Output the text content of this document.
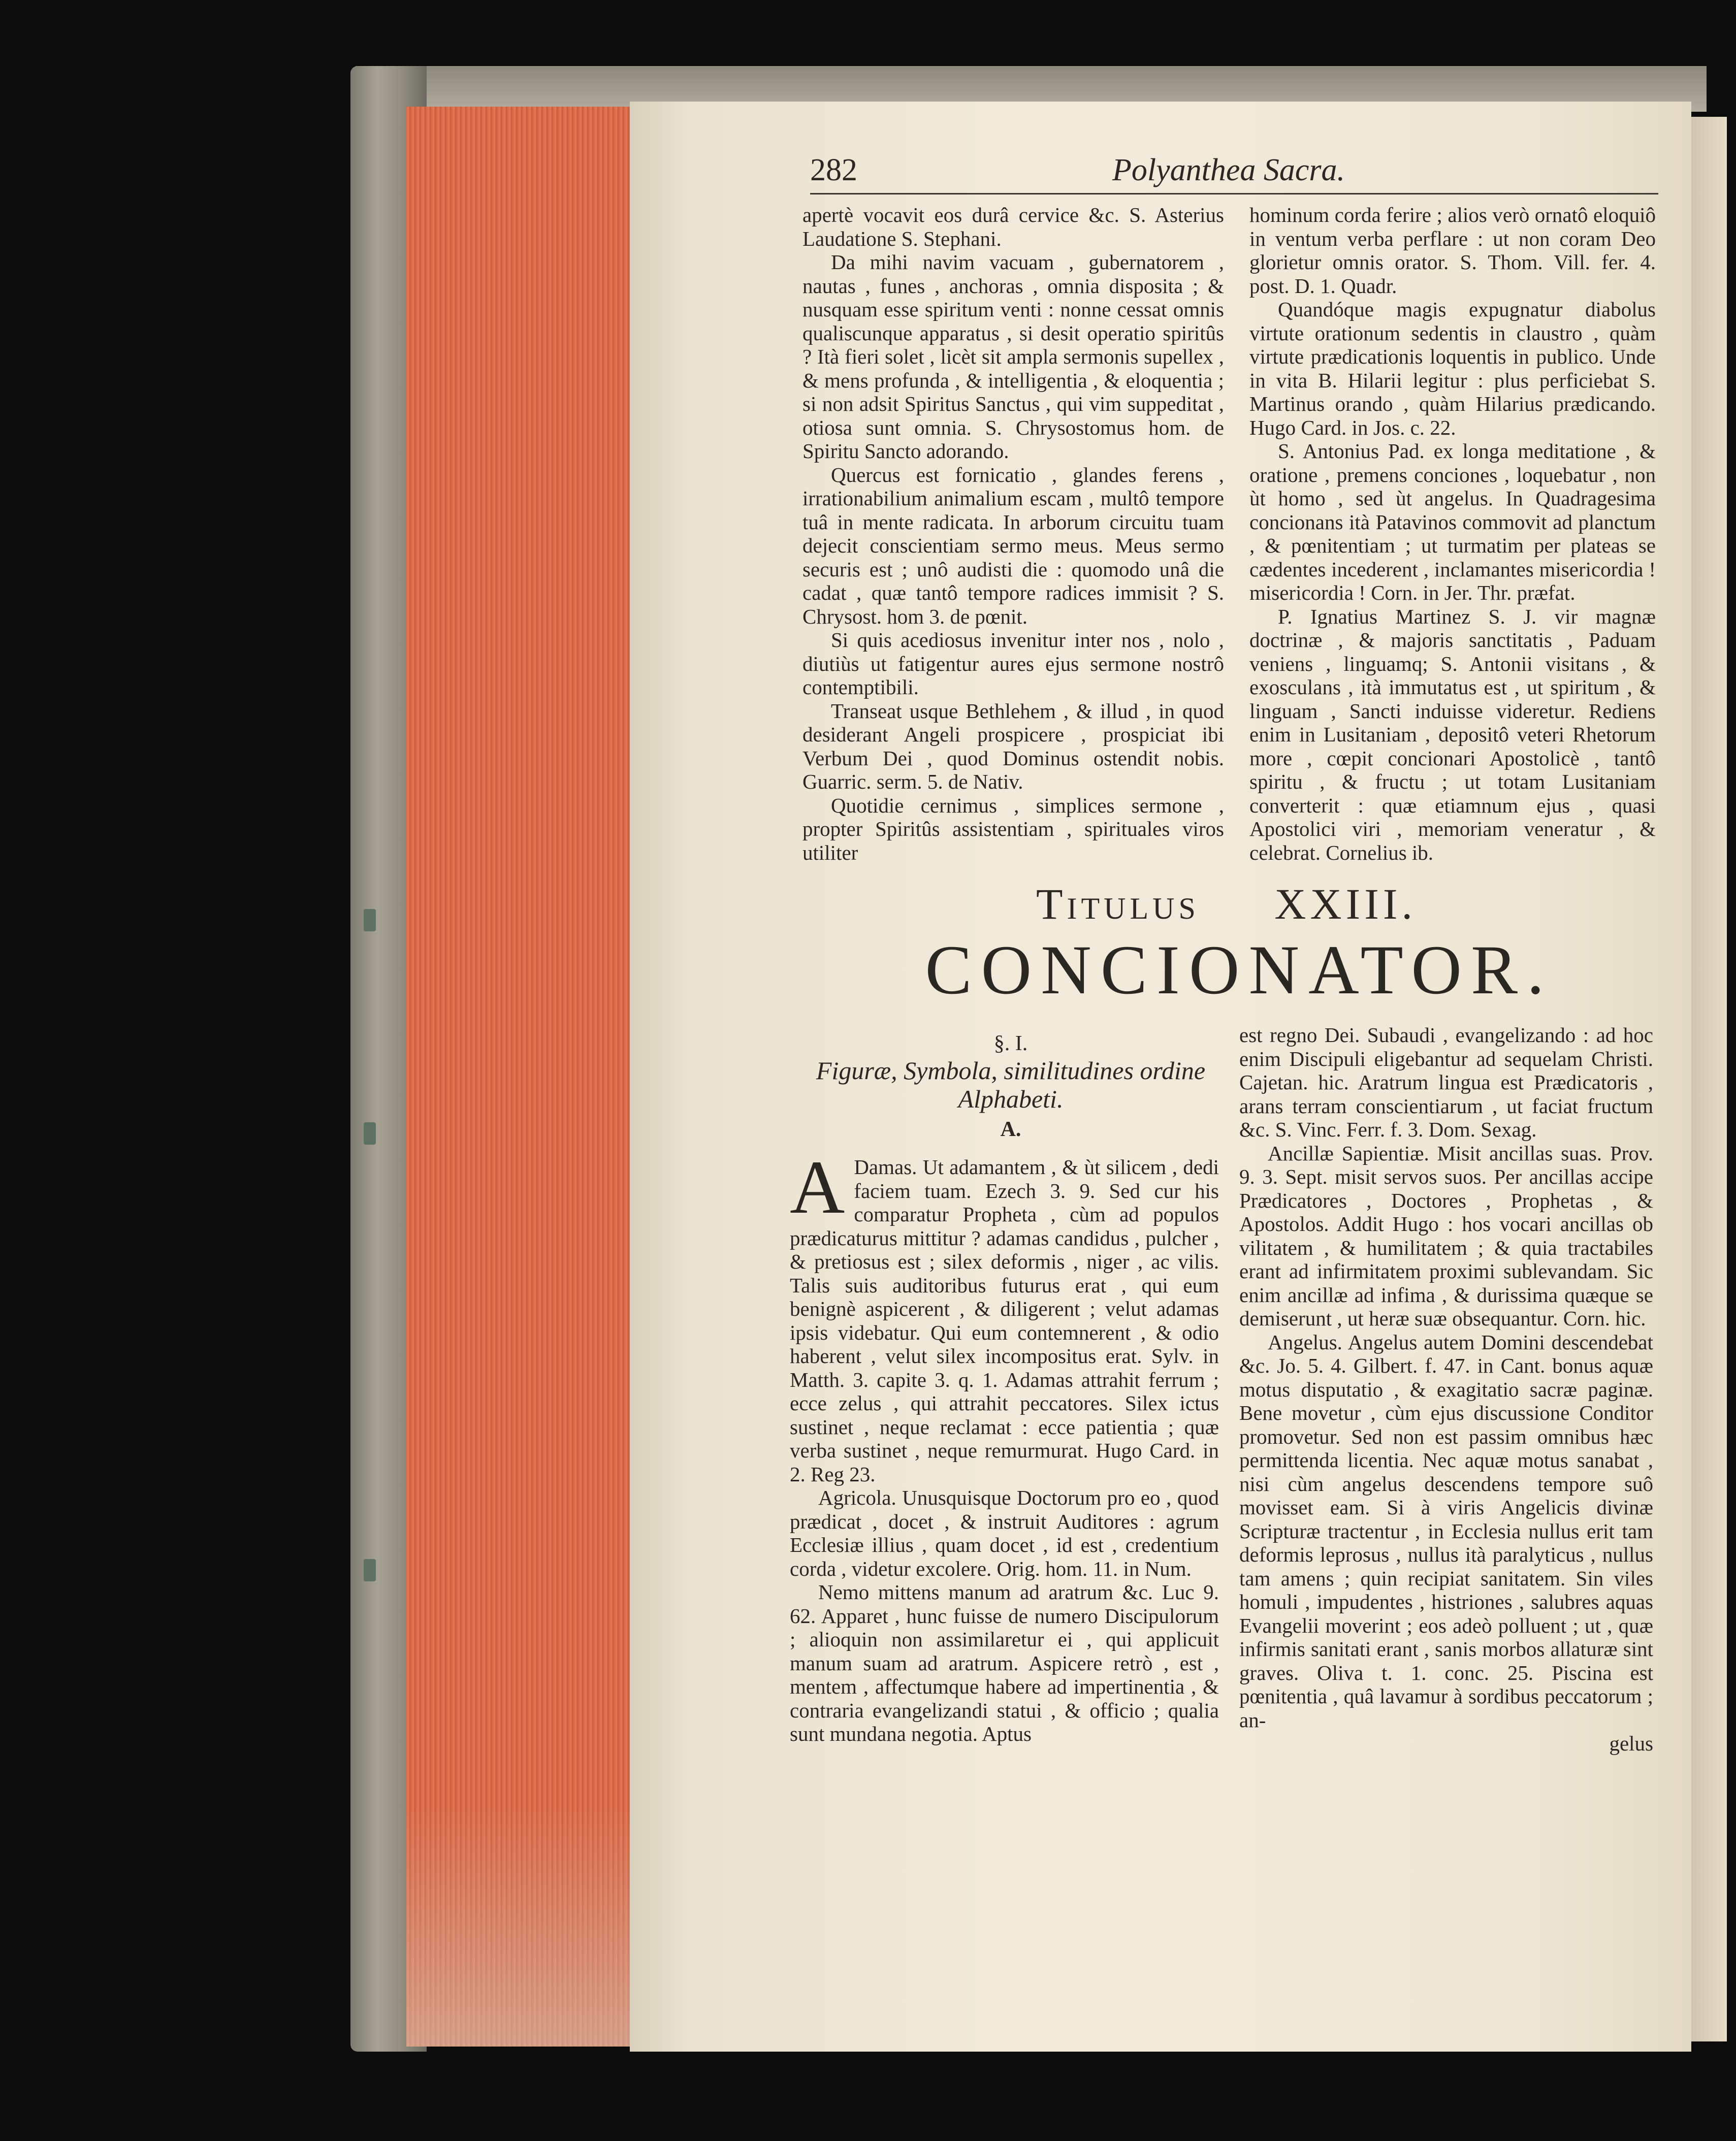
282	Polyanthea Sacra.

apertè vocavit eos durâ cervice &c. S. Asterius Laudatione S. Stephani.

Da mihi navim vacuam , gubernatorem , nautas , funes , anchoras , omnia disposita ; & nusquam esse spiritum venti : nonne cessat omnis qualiscunque apparatus , si desit operatio spiritûs ? Ità fieri solet , licèt sit ampla sermonis supellex , & mens profunda , & intelligentia , & eloquentia ; si non adsit Spiritus Sanctus , qui vim suppeditat , otiosa sunt omnia. S. Chrysostomus hom. de Spiritu Sancto adorando.

Quercus est fornicatio , glandes ferens , irrationabilium animalium escam , multô tempore tuâ in mente radicata. In arborum circuitu tuam dejecit conscientiam sermo meus. Meus sermo securis est ; unô audisti die : quomodo unâ die cadat , quæ tantô tempore radices immisit ? S. Chrysost. hom 3. de pœnit.

Si quis acediosus invenitur inter nos , nolo , diutiùs ut fatigentur aures ejus sermone nostrô contemptibili.

Transeat usque Bethlehem , & illud , in quod desiderant Angeli prospicere , prospiciat ibi Verbum Dei , quod Dominus ostendit nobis. Guarric. serm. 5. de Nativ.

Quotidie cernimus , simplices sermone , propter Spiritûs assistentiam , spirituales viros utiliter

hominum corda ferire ; alios verò ornatô eloquiô in ventum verba perflare : ut non coram Deo glorietur omnis orator. S. Thom. Vill. fer. 4. post. D. 1. Quadr.

Quandóque magis expugnatur diabolus virtute orationum sedentis in claustro , quàm virtute prædicationis loquentis in publico. Unde in vita B. Hilarii legitur : plus perficiebat S. Martinus orando , quàm Hilarius prædicando. Hugo Card. in Jos. c. 22.

S. Antonius Pad. ex longa meditatione , & oratione , premens conciones , loquebatur , non ùt homo , sed ùt angelus. In Quadragesima concionans ità Patavinos commovit ad planctum , & pœnitentiam ; ut turmatim per plateas se cædentes incederent , inclamantes misericordia ! misericordia ! Corn. in Jer. Thr. præfat.

P. Ignatius Martinez S. J. vir magnæ doctrinæ , & majoris sanctitatis , Paduam veniens , linguamq; S. Antonii visitans , & exosculans , ità immutatus est , ut spiritum , & linguam , Sancti induisse videretur. Rediens enim in Lusitaniam , depositô veteri Rhetorum more , cœpit concionari Apostolicè , tantô spiritu , & fructu ; ut totam Lusitaniam converterit : quæ etiamnum ejus , quasi Apostolici viri , memoriam veneratur , & celebrat. Cornelius ib.

Titulus XXIII.
CONCIONATOR.
§. I.
Figuræ, Symbola, similitudines ordine Alphabeti.
A.

A Damas. Ut adamantem , & ùt silicem , dedi faciem tuam. Ezech 3. 9. Sed cur his comparatur Propheta , cùm ad populos prædicaturus mittitur ? adamas candidus , pulcher , & pretiosus est ; silex deformis , niger , ac vilis. Talis suis auditoribus futurus erat , qui eum benignè aspicerent , & diligerent ; velut adamas ipsis videbatur. Qui eum contemnerent , & odio haberent , velut silex incompositus erat. Sylv. in Matth. 3. capite 3. q. 1. Adamas attrahit ferrum ; ecce zelus , qui attrahit peccatores. Silex ictus sustinet , neque reclamat : ecce patientia ; quæ verba sustinet , neque remurmurat. Hugo Card. in 2. Reg 23.

Agricola. Unusquisque Doctorum pro eo , quod prædicat , docet , & instruit Auditores : agrum Ecclesiæ illius , quam docet , id est , credentium corda , videtur excolere. Orig. hom. 11. in Num.

Nemo mittens manum ad aratrum &c. Luc 9. 62. Apparet , hunc fuisse de numero Discipulorum ; alioquin non assimilaretur ei , qui applicuit manum suam ad aratrum. Aspicere retrò , est , mentem , affectumque habere ad impertinentia , & contraria evangelizandi statui , & officio ; qualia sunt mundana negotia. Aptus

est regno Dei. Subaudi , evangelizando : ad hoc enim Discipuli eligebantur ad sequelam Christi. Cajetan. hic. Aratrum lingua est Prædicatoris , arans terram conscientiarum , ut faciat fructum &c. S. Vinc. Ferr. f. 3. Dom. Sexag.

Ancillæ Sapientiæ. Misit ancillas suas. Prov. 9. 3. Sept. misit servos suos. Per ancillas accipe Prædicatores , Doctores , Prophetas , & Apostolos. Addit Hugo : hos vocari ancillas ob vilitatem , & humilitatem ; & quia tractabiles erant ad infirmitatem proximi sublevandam. Sic enim ancillæ ad infima , & durissima quæque se demiserunt , ut heræ suæ obsequantur. Corn. hic.

Angelus. Angelus autem Domini descendebat &c. Jo. 5. 4. Gilbert. f. 47. in Cant. bonus aquæ motus disputatio , & exagitatio sacræ paginæ. Bene movetur , cùm ejus discussione Conditor promovetur. Sed non est passim omnibus hæc permittenda licentia. Nec aquæ motus sanabat , nisi cùm angelus descendens tempore suô movisset eam. Si à viris Angelicis divinæ Scripturæ tractentur , in Ecclesia nullus erit tam deformis leprosus , nullus ità paralyticus , nullus tam amens ; quin recipiat sanitatem. Sin viles homuli , impudentes , histriones , salubres aquas Evangelii moverint ; eos adeò polluent ; ut , quæ infirmis sanitati erant , sanis morbos allaturæ sint graves. Oliva t. 1. conc. 25. Piscina est pœnitentia , quâ lavamur à sordibus peccatorum ; an-

gelus
